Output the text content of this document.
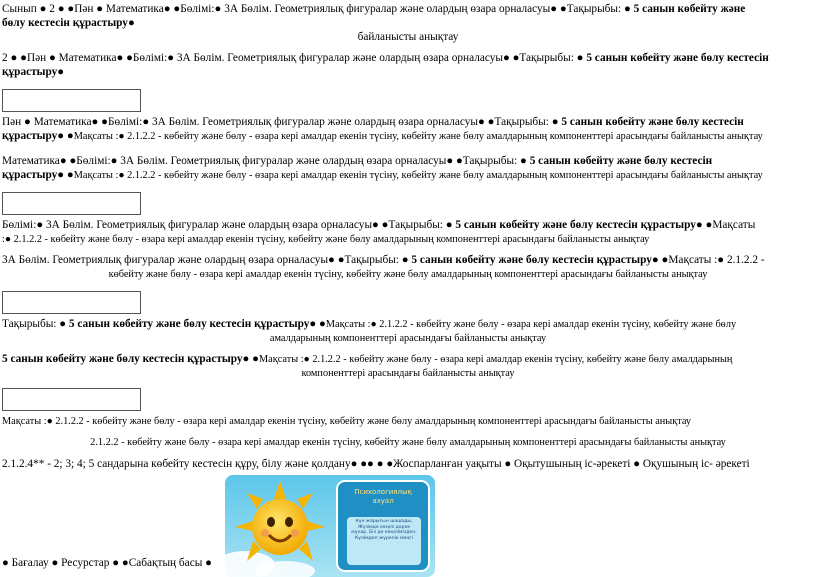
Сынып ● 2 ● ●Пән ● Математика● ●Бөлімі:● 3А Бөлім. Геометриялық фигуралар және олардың өзара орналасуы● ●Тақырыбы: ● 5 санын көбейту және
бөлу кестесін құрастыру●
байланысты анықтау
2 ● ●Пән ● Математика● ●Бөлімі:● 3А Бөлім. Геометриялық фигуралар және олардың өзара орналасуы● ●Тақырыбы: ● 5 санын көбейту және бөлу кестесін
құрастыру●
Пән ● Математика● ●Бөлімі:● 3А Бөлім. Геометриялық фигуралар және олардың өзара орналасуы● ●Тақырыбы: ● 5 санын көбейту және бөлу кестесін
құрастыру● ●Мақсаты :● 2.1.2.2 - көбейту және бөлу - өзара кері амалдар екенін түсіну, көбейту және бөлу амалдарының компоненттері арасындағы байланысты анықтау
Математика● ●Бөлімі:● 3А Бөлім. Геометриялық фигуралар және олардың өзара орналасуы● ●Тақырыбы: ● 5 санын көбейту және бөлу кестесін
құрастыру● ●Мақсаты :● 2.1.2.2 - көбейту және бөлу - өзара кері амалдар екенін түсіну, көбейту және бөлу амалдарының компоненттері арасындағы байланысты анықтау
Бөлімі:● 3А Бөлім. Геометриялық фигуралар және олардың өзара орналасуы● ●Тақырыбы: ● 5 санын көбейту және бөлу кестесін құрастыру● ●Мақсаты
:● 2.1.2.2 - көбейту және бөлу - өзара кері амалдар екенін түсіну, көбейту және бөлу амалдарының компоненттері арасындағы байланысты анықтау
3А Бөлім. Геометриялық фигуралар және олардың өзара орналасуы● ●Тақырыбы: ● 5 санын көбейту және бөлу кестесін құрастыру● ●Мақсаты :● 2.1.2.2 -
көбейту және бөлу - өзара кері амалдар екенін түсіну, көбейту және бөлу амалдарының компоненттері арасындағы байланысты анықтау
Тақырыбы: ● 5 санын көбейту және бөлу кестесін құрастыру● ●Мақсаты :● 2.1.2.2 - көбейту және бөлу - өзара кері амалдар екенін түсіну, көбейту және бөлу
амалдарының компоненттері арасындағы байланысты анықтау
5 санын көбейту және бөлу кестесін құрастыру● ●Мақсаты :● 2.1.2.2 - көбейту және бөлу - өзара кері амалдар екенін түсіну, көбейту және бөлу амалдарының
компоненттері арасындағы байланысты анықтау
Мақсаты :● 2.1.2.2 - көбейту және бөлу - өзара кері амалдар екенін түсіну, көбейту және бөлу амалдарының компоненттері арасындағы байланысты анықтау
2.1.2.2 - көбейту және бөлу - өзара кері амалдар екенін түсіну, көбейту және бөлу амалдарының компоненттері арасындағы байланысты анықтау
2.1.2.4** - 2; 3; 4; 5 сандарына көбейту кестесін құру, білу және қолдану● ●● ● ●Жоспарланған уақыты ● Оқытушының іс-әрекеті ● Оқушының іс- әрекеті
Психологиялық
ахуал
Күн жарығын шашады, Жүзімде көңілі дерек мұнар. Біз де көңілімізден, Күлімдеп жүрелік мәңгі
● Бағалау ● Ресурстар ● ●Сабақтың басы ●
